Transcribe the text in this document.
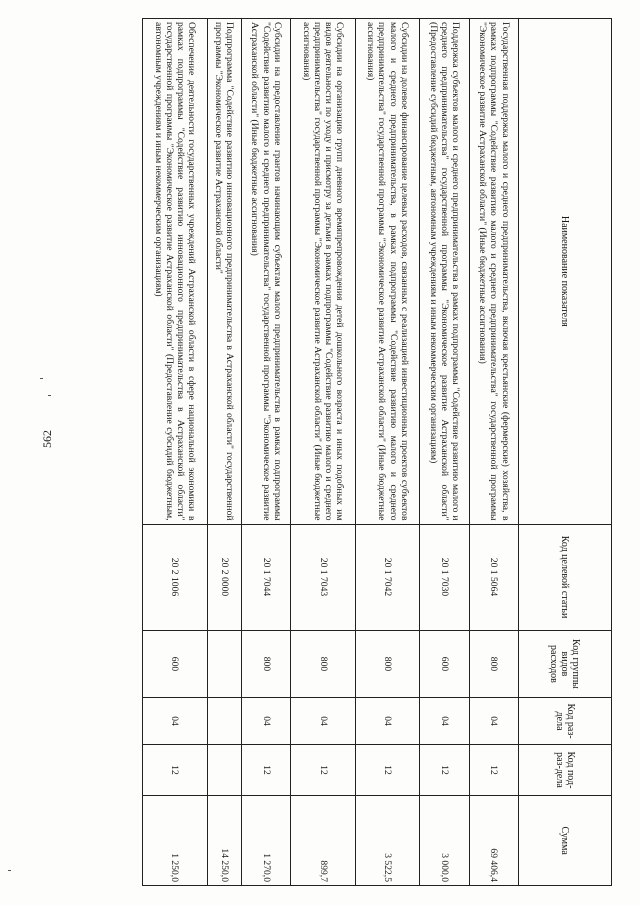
562
Наименование показателя	Код целевой статьи	Код группы видов расходов	Код раз-дела	Код под-раз-дела	Сумма
Государственная поддержка малого и среднего предпринимательства, включая крестьянские (фермерские) хозяйства, в рамках подпрограммы "Содействие развитию малого и среднего предпринимательства" государственной программы "Экономическое развитие Астраханской области" (Иные бюджетные ассигнования)	20 1 5064	800	04	12	69 406,4
Поддержка субъектов малого и среднего предпринимательства в рамках подпрограммы "Содействие развитию малого и среднего предпринимательства" государственной программы "Экономическое развитие Астраханской области" (Предоставление субсидий бюджетным, автономным учреждениям и иным некоммерческим организациям)	20 1 7030	600	04	12	3 000,0
Субсидии на долевое финансирование целевых расходов, связанных с реализацией инвестиционных проектов субъектов малого и среднего предпринимательства, в рамках подпрограммы "Содействие развитию малого и среднего предпринимательства" государственной программы "Экономическое развитие Астраханской области" (Иные бюджетные ассигнования)	20 1 7042	800	04	12	3 522,5
Субсидии на организацию групп дневного времяпрепровождения детей дошкольного возраста и иных подобных им видов деятельности по уходу и присмотру за детьми в рамках подпрограммы "Содействие развитию малого и среднего предпринимательства" государственной программы "Экономическое развитие Астраханской области" (Иные бюджетные ассигнования)	20 1 7043	800	04	12	899,7
Субсидии на предоставление грантов начинающим субъектам малого предпринимательства в рамках подпрограммы "Содействие развитию малого и среднего предпринимательства" государственной программы "Экономическое развитие Астраханской области" (Иные бюджетные ассигнования)	20 1 7044	800	04	12	1 270,0
Подпрограмма "Содействие развитию инновационного предпринимательства в Астраханской области" государственной программы "Экономическое развитие Астраханской области"	20 2 0000				14 250,0
Обеспечение деятельности государственных учреждений Астраханской области в сфере национальной экономики в рамках подпрограммы "Содействие развитию инновационного предпринимательства в Астраханской области" государственной программы "Экономическое развитие Астраханской области" (Предоставление субсидий бюджетным, автономным учреждениям и иным некоммерческим организациям)	20 2 1006	600	04	12	1 250,0
